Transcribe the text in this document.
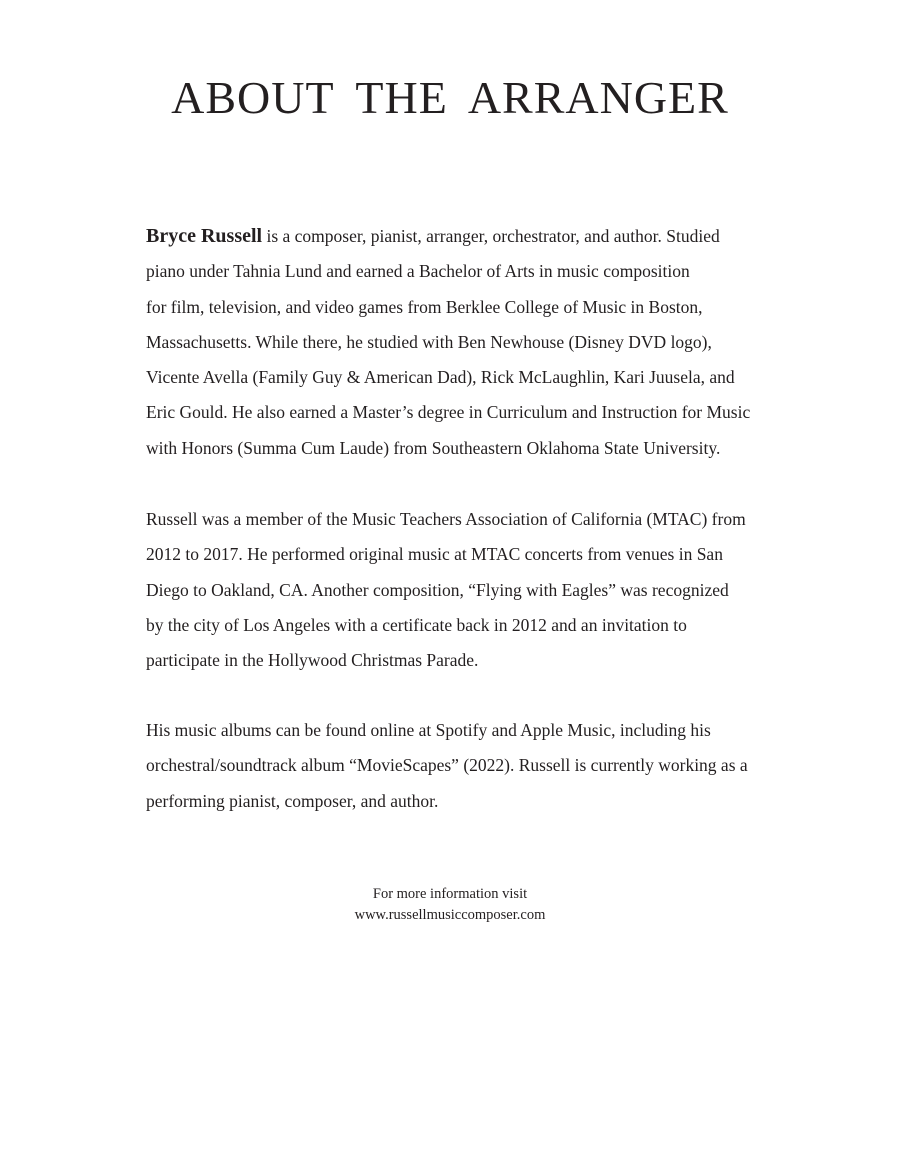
ABOUT THE ARRANGER
Bryce Russell is a composer, pianist, arranger, orchestrator, and author. Studied
piano under Tahnia Lund and earned a Bachelor of Arts in music composition
for film, television, and video games from Berklee College of Music in Boston,
Massachusetts. While there, he studied with Ben Newhouse (Disney DVD logo),
Vicente Avella (Family Guy & American Dad), Rick McLaughlin, Kari Juusela, and
Eric Gould. He also earned a Master’s degree in Curriculum and Instruction for Music
with Honors (Summa Cum Laude) from Southeastern Oklahoma State University.
Russell was a member of the Music Teachers Association of California (MTAC) from
2012 to 2017. He performed original music at MTAC concerts from venues in San
Diego to Oakland, CA. Another composition, “Flying with Eagles” was recognized
by the city of Los Angeles with a certificate back in 2012 and an invitation to
participate in the Hollywood Christmas Parade.
His music albums can be found online at Spotify and Apple Music, including his
orchestral/soundtrack album “MovieScapes” (2022). Russell is currently working as a
performing pianist, composer, and author.
For more information visit
www.russellmusiccomposer.com
